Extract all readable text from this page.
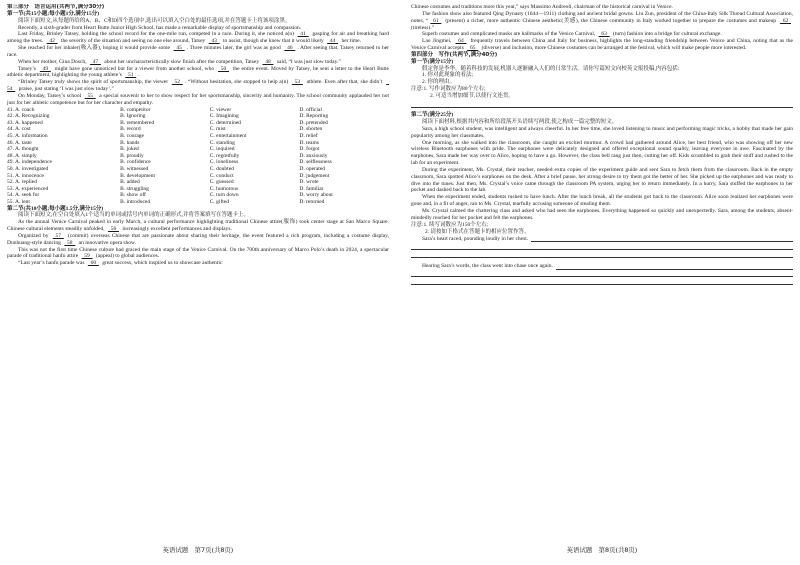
第三部分　语言运用(共两节,满分30分)

第一节(共15小题;每小题1分,满分15分)

阅读下面短文,从每题所给的A、B、C和D四个选项中,选出可以填入空白处的最佳选项,并在答题卡上将该项涂黑。

Recently, a sixth-grader from Heart Butte Junior High School, has made a remarkable display of sportsmanship and compassion.

Last Friday, Brinley Tatsey, holding the school record for the one-mile run, competed in a race. During it, she noticed a(n)  41  gasping for air and breathing hard among the trees.  42  the severity of the situation and seeing no one else around, Tatsey  43  to assist, though she knew that it would likely  44  her time.

She reached for her inhaler(吸入器), hoping it would provide some  45 . Three minutes later, the girl was as good  46 . After seeing that, Tatsey returned to her race.

When her mother, Gina Dosch,  47  about her uncharacteristically slow finish after the competition, Tatsey  48  said, “I was just slow today.”

Tatsey’s  49  might have gone unnoticed but for a viewer from another school, who  50  the entire event. Moved by Tatsey, he sent a letter to the Heart Butte athletic department, highlighting the young athlete’s  51 .

“Brinley Tatsey truly shows the spirit of sportsmanship, the viewer  52 . “Without hesitation, she stopped to help a(n)  53  athlete. Even after that, she didn’t  54  praise, just stating ‘I was just slow today’.”

On Monday, Tatsey’s school  55  a special souvenir to her to show respect for her sportsmanship, sincerity and humanity. The school community applauded her not just for her athletic competence but for her character and empathy.

41. A. coach	B. competitor	C. viewer	D. official
42. A. Recognizing	B. Ignoring	C. Imagining	D. Reporting
43. A. happened	B. remembered	C. determined	D. pretended
44. A. cost	B. record	C. mist	D. shorten
45. A. information	B. courage	C. entertainment	D. relief
46. A. taste	B. hands	C. standing	D. teams
47. A. thought	B. joked	C. inquired	D. forgot
48. A. simply	B. proudly	C. regretfully	D. anxiously
49. A. independence	B. confidence	C. loneliness	D. selflessness
50. A. investigated	B. witnessed	C. doubted	D. operated
51. A. innocence	B. development	C. conduct	D. judgement
52. A. replied	B. added	C. guessed	D. wrote
53. A. experienced	B. struggling	C. humorous	D. familiar
54. A. seek for	B. show off	C. turn down	D. worry about
55. A. lent	B. introduced	C. gifted	D. returned

第二节(共10小题;每小题1.5分,满分15分)

阅读下面短文,在空白处填入1个适当的单词或括号内单词的正确形式,并将答案填写在答题卡上。

As the annual Venice Carnival peaked in early March, a cultural performance highlighting traditional Chinese attire(服饰) took center stage at San Marco Square. Chinese cultural elements steadily unfolded,  56  increasingly excellent performances and displays.

Organized by  57  (commit) overseas Chinese that are passionate about sharing their heritage, the event featured a rich program, including a costume display, Dunhuang-style dancing  58  an innovative opera show.

This was not the first time Chinese culture had graced the main stage of the Venice Carnival. On the 700th anniversary of Marco Polo’s death in 2024, a spectacular parade of traditional hanfu attire  59  (appeal) to global audiences.

“Last year’s hanfu parade was  60  great success, which inspired us to showcase authentic

英语试题　第7页(共8页)

Chinese costumes and traditions more this year,” says Massimo Andreoli, chairman of the historical carnival in Venice.

The fashion show also featured Qing Dynasty (1644—1911) clothing and ancient bridal gowns. Liu Zun, president of the China-Italy Silk Thread Cultural Association, notes, “ 61  (present) a richer, more authentic Chinese aesthetic(美感), the Chinese community in Italy worked together to prepare the costumes and makeup  62  (tireless).”

Superb costumes and complicated masks are hallmarks of the Venice Carnival,  63  (turn) fashion into a bridge for cultural exchange.

Lao Jingmei,  64  frequently travels between China and Italy for business, highlights the long-standing friendship between Venice and China, noting that as the Venice Carnival accepts  65  (diverse) and inclusion, more Chinese costumes can be arranged at the festival, which will make people more interested.

第四部分　写作(共两节,满分40分)

第一节(满分15分)

假定你是李华。随着科技的发展,机器人逐渐融入人们的日常生活。请你写篇短文向校英文报投稿,内容包括:

1. 你对此现象的看法;

2. 你的理由。

注意:1. 写作词数应为80个左右;

2. 可适当增加细节,以使行文连贯。

第二节(满分25分)

阅读下面材料,根据其内容和所给段落开头语续写两段,使之构成一篇完整的短文。

Sara, a high school student, was intelligent and always cheerful. In her free time, she loved listening to music and performing magic tricks, a hobby that made her gain popularity among her classmates.

One morning, as she walked into the classroom, she caught an excited murmur. A crowd had gathered around Alice, her best friend, who was showing off her new wireless Bluetooth earphones with pride. The earphones were delicately designed and offered exceptional sound quality, leaving everyone in awe. Fascinated by the earphones, Sara made her way over to Alice, hoping to have a go. However, the class bell rang just then, cutting her off. Kids scrambled to grab their stuff and rushed to the lab for an experiment.

During the experiment, Ms. Crystal, their teacher, needed extra copies of the experiment guide and sent Sara to fetch them from the classroom. Back in the empty classroom, Sara spotted Alice’s earphones on the desk. After a brief pause, her strong desire to try them got the better of her. She picked up the earphones and was ready to dive into the tunes. Just then, Ms. Crystal’s voice came through the classroom PA system, urging her to return immediately. In a hurry, Sara stuffed the earphones in her pocket and dashed back to the lab.

When the experiment ended, students rushed to have lunch. After the lunch break, all the students got back to the classroom. Alice soon realized her earphones were gone and, in a fit of anger, ran to Ms. Crystal, tearfully accusing someone of stealing them.

Ms. Crystal calmed the chattering class and asked who had seen the earphones. Everything happened so quickly and unexpectedly. Sara, among the students, absent-mindedly reached for her pocket and felt the earphones.

注意:1. 续写词数应为150个左右;

2. 请按如下格式在答题卡的相应位置作答。

Sara’s heart raced, pounding loudly in her chest.
Hearing Sara’s words, the class went into chase once again.
英语试题　第8页(共8页)
